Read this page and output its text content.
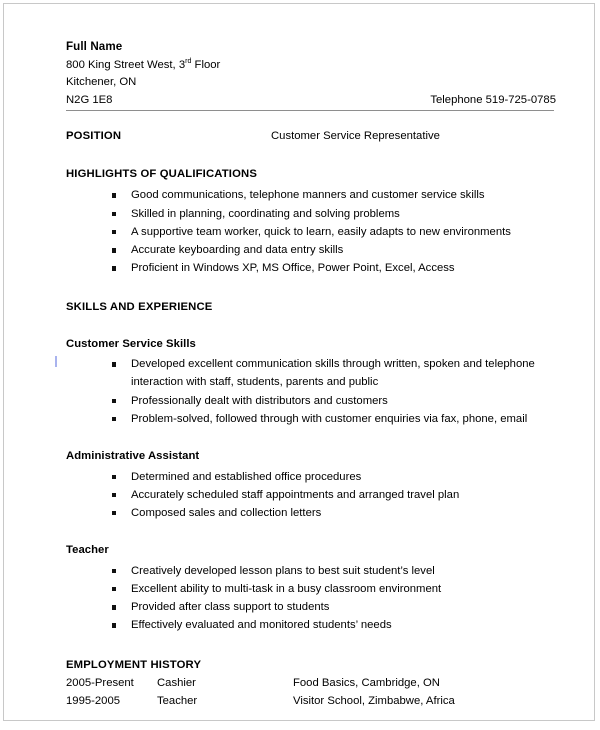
Full Name
800 King Street West, 3rd Floor
Kitchener, ON
N2G 1E8	Telephone 519-725-0785
POSITION	Customer Service Representative
HIGHLIGHTS OF QUALIFICATIONS
Good communications, telephone manners and customer service skills
Skilled in planning, coordinating and solving problems
A supportive team worker, quick to learn, easily adapts to new environments
Accurate keyboarding and data entry skills
Proficient in Windows XP, MS Office, Power Point, Excel, Access
SKILLS AND EXPERIENCE
Customer Service Skills
Developed excellent communication skills through written, spoken and telephone interaction with staff, students, parents and public
Professionally dealt with distributors and customers
Problem-solved, followed through with customer enquiries via fax, phone, email
Administrative Assistant
Determined and established office procedures
Accurately scheduled staff appointments and arranged travel plan
Composed sales and collection letters
Teacher
Creatively developed lesson plans to best suit student’s level
Excellent ability to multi-task in a busy classroom environment
Provided after class support to students
Effectively evaluated and monitored students’ needs
EMPLOYMENT HISTORY
2005-Present	Cashier	Food Basics, Cambridge, ON
1995-2005	Teacher	Visitor School, Zimbabwe, Africa
